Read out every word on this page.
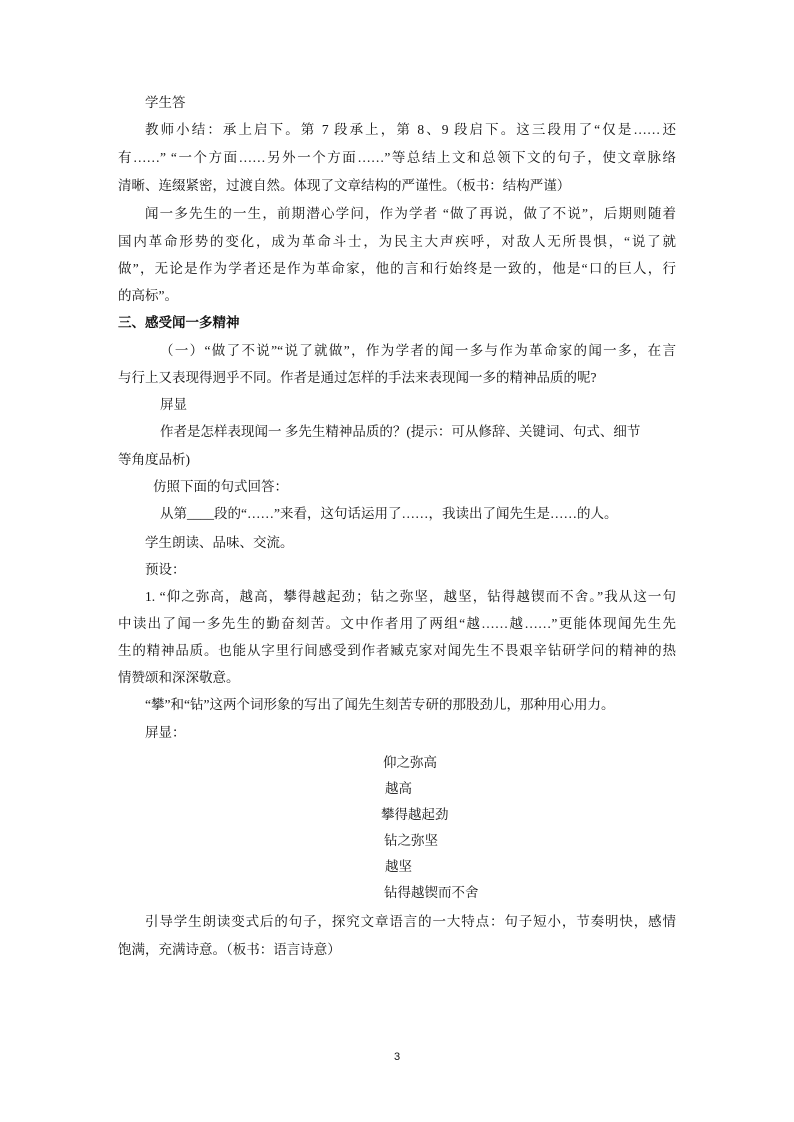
学生答
教师小结：承上启下。第 7 段承上，第 8、9 段启下。这三段用了“仅是……还
有……” “一个方面……另外一个方面……”等总结上文和总领下文的句子，使文章脉络
清晰、连缀紧密，过渡自然。体现了文章结构的严谨性。（板书：结构严谨）
闻一多先生的一生，前期潜心学问，作为学者 “做了再说，做了不说”，后期则随着
国内革命形势的变化，成为革命斗士，为民主大声疾呼，对敌人无所畏惧，“说了就
做”，无论是作为学者还是作为革命家，他的言和行始终是一致的，他是“口的巨人，行
的高标”。
三、感受闻一多精神
（一）“做了不说”“说了就做”，作为学者的闻一多与作为革命家的闻一多，在言
与行上又表现得迥乎不同。作者是通过怎样的手法来表现闻一多的精神品质的呢?
屏显
作者是怎样表现闻一 多先生精神品质的？(提示：可从修辞、关键词、句式、细节
等角度品析)
仿照下面的句式回答：
从第____段的“……”来看，这句话运用了……，我读出了闻先生是……的人。
学生朗读、品味、交流。
预设：
1. “仰之弥高，越高，攀得越起劲；钻之弥坚，越坚，钻得越锲而不舍。”我从这一句
中读出了闻一多先生的勤奋刻苦。文中作者用了两组“越……越……”更能体现闻先生先
生的精神品质。也能从字里行间感受到作者臧克家对闻先生不畏艰辛钻研学问的精神的热
情赞颂和深深敬意。
“攀”和“钻”这两个词形象的写出了闻先生刻苦专研的那股劲儿，那种用心用力。
屏显：
仰之弥高
越高
攀得越起劲
钻之弥坚
越坚
钻得越锲而不舍
引导学生朗读变式后的句子，探究文章语言的一大特点：句子短小，节奏明快，感情
饱满，充满诗意。（板书：语言诗意）
3
